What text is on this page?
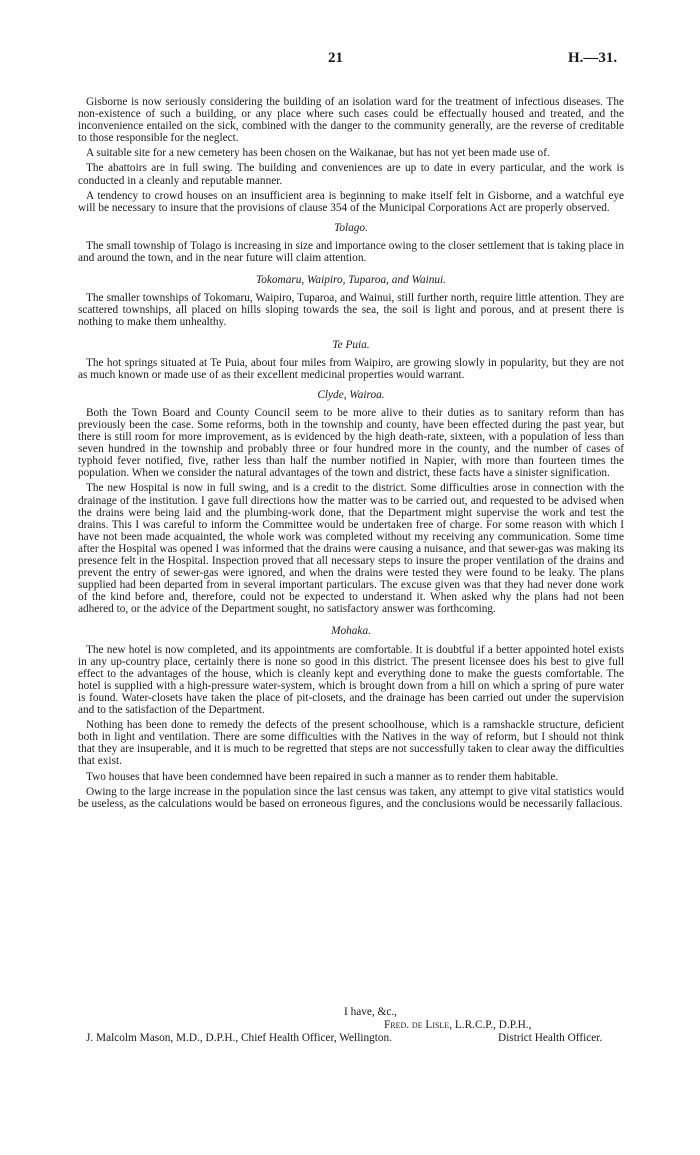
21	H.—31.

Gisborne is now seriously considering the building of an isolation ward for the treatment of infectious diseases. The non-existence of such a building, or any place where such cases could be effectually housed and treated, and the inconvenience entailed on the sick, combined with the danger to the community generally, are the reverse of creditable to those responsible for the neglect.

A suitable site for a new cemetery has been chosen on the Waikanae, but has not yet been made use of.

The abattoirs are in full swing. The building and conveniences are up to date in every particular, and the work is conducted in a cleanly and reputable manner.

A tendency to crowd houses on an insufficient area is beginning to make itself felt in Gisborne, and a watchful eye will be necessary to insure that the provisions of clause 354 of the Municipal Corporations Act are properly observed.

Tolago.

The small township of Tolago is increasing in size and importance owing to the closer settlement that is taking place in and around the town, and in the near future will claim attention.

Tokomaru, Waipiro, Tuparoa, and Wainui.

The smaller townships of Tokomaru, Waipiro, Tuparoa, and Wainui, still further north, require little attention. They are scattered townships, all placed on hills sloping towards the sea, the soil is light and porous, and at present there is nothing to make them unhealthy.

Te Puia.

The hot springs situated at Te Puia, about four miles from Waipiro, are growing slowly in popularity, but they are not as much known or made use of as their excellent medicinal properties would warrant.

Clyde, Wairoa.

Both the Town Board and County Council seem to be more alive to their duties as to sanitary reform than has previously been the case. Some reforms, both in the township and county, have been effected during the past year, but there is still room for more improvement, as is evidenced by the high death-rate, sixteen, with a population of less than seven hundred in the township and probably three or four hundred more in the county, and the number of cases of typhoid fever notified, five, rather less than half the number notified in Napier, with more than fourteen times the population. When we consider the natural advantages of the town and district, these facts have a sinister signification.

The new Hospital is now in full swing, and is a credit to the district. Some difficulties arose in connection with the drainage of the institution. I gave full directions how the matter was to be carried out, and requested to be advised when the drains were being laid and the plumbing-work done, that the Department might supervise the work and test the drains. This I was careful to inform the Committee would be undertaken free of charge. For some reason with which I have not been made acquainted, the whole work was completed without my receiving any communication. Some time after the Hospital was opened I was informed that the drains were causing a nuisance, and that sewer-gas was making its presence felt in the Hospital. Inspection proved that all necessary steps to insure the proper ventilation of the drains and prevent the entry of sewer-gas were ignored, and when the drains were tested they were found to be leaky. The plans supplied had been departed from in several important particulars. The excuse given was that they had never done work of the kind before and, therefore, could not be expected to understand it. When asked why the plans had not been adhered to, or the advice of the Department sought, no satisfactory answer was forthcoming.

Mohaka.

The new hotel is now completed, and its appointments are comfortable. It is doubtful if a better appointed hotel exists in any up-country place, certainly there is none so good in this district. The present licensee does his best to give full effect to the advantages of the house, which is cleanly kept and everything done to make the guests comfortable. The hotel is supplied with a high-pressure water-system, which is brought down from a hill on which a spring of pure water is found. Water-closets have taken the place of pit-closets, and the drainage has been carried out under the supervision and to the satisfaction of the Department.

Nothing has been done to remedy the defects of the present schoolhouse, which is a ramshackle structure, deficient both in light and ventilation. There are some difficulties with the Natives in the way of reform, but I should not think that they are insuperable, and it is much to be regretted that steps are not successfully taken to clear away the difficulties that exist.

Two houses that have been condemned have been repaired in such a manner as to render them habitable.

Owing to the large increase in the population since the last census was taken, any attempt to give vital statistics would be useless, as the calculations would be based on erroneous figures, and the conclusions would be necessarily fallacious.

I have, &c.,
Fred. de Lisle, L.R.C.P., D.P.H.,
J. Malcolm Mason, M.D., D.P.H., Chief Health Officer, Wellington.	District Health Officer.
